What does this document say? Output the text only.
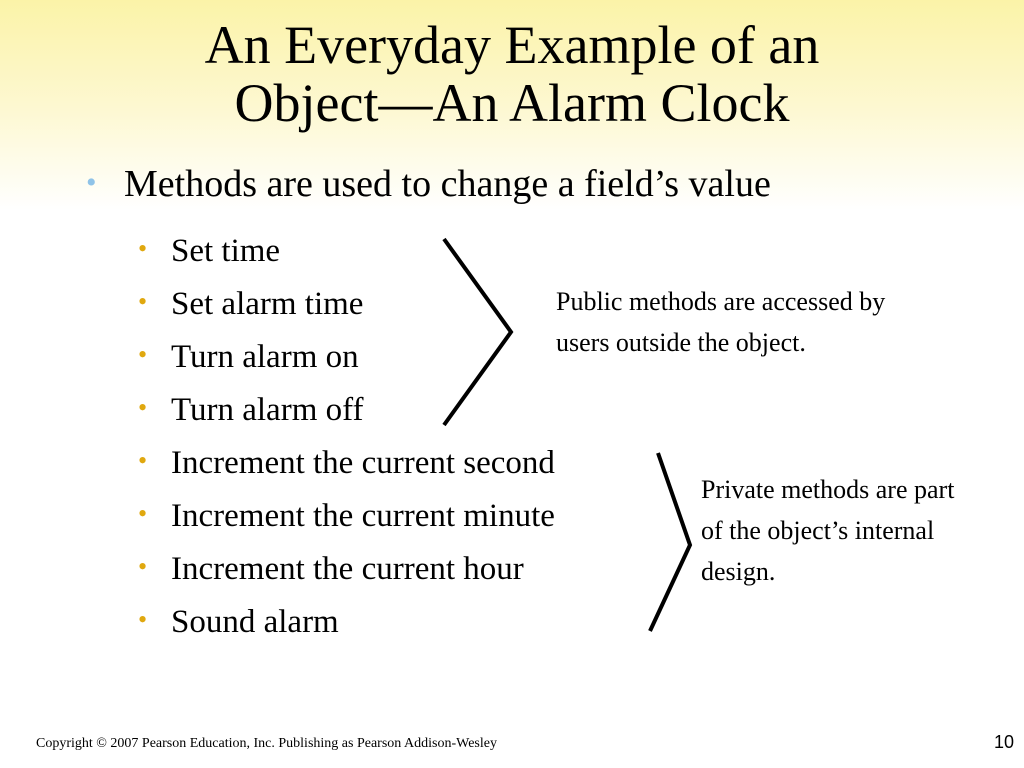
An Everyday Example of an
Object—An Alarm Clock
• Methods are used to change a field’s value
• Set time
• Set alarm time
• Turn alarm on
• Turn alarm off
• Increment the current second
• Increment the current minute
• Increment the current hour
• Sound alarm
Public methods are accessed by users outside the object.
Private methods are part of the object’s internal design.
Copyright © 2007 Pearson Education, Inc. Publishing as Pearson Addison-Wesley	10
